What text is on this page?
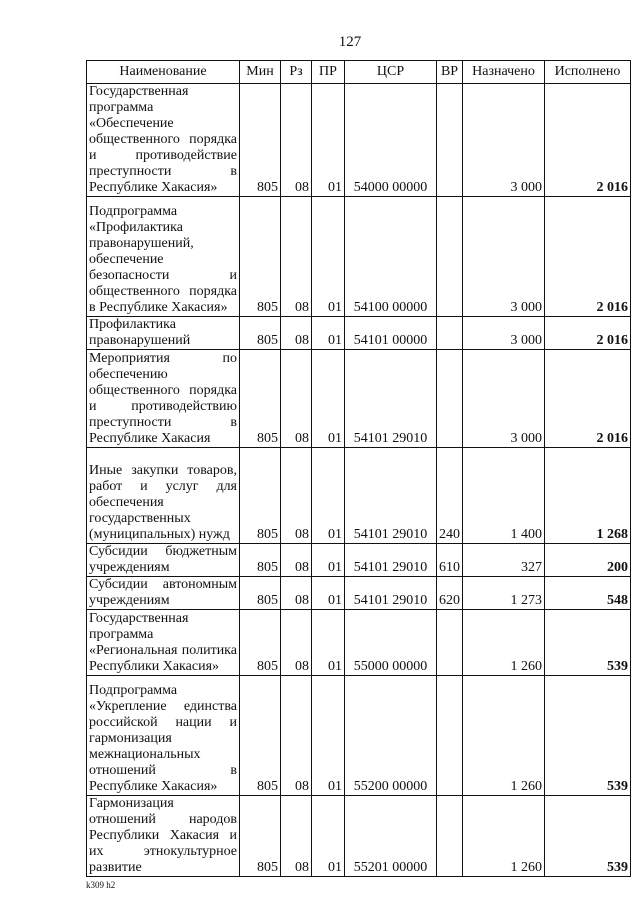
127
Наименование	Мин	Рз	ПР	ЦСР	ВР	Назначено	Исполнено
Государственная программа «Обеспечение общественного порядка и противодействие преступности в Республике Хакасия»	805	08	01	54000 00000		3 000	2 016
Подпрограмма «Профилактика правонарушений, обеспечение безопасности и общественного порядка в Республике Хакасия»	805	08	01	54100 00000		3 000	2 016
Профилактика правонарушений	805	08	01	54101 00000		3 000	2 016
Мероприятия по обеспечению общественного порядка и противодействию преступности в Республике Хакасия	805	08	01	54101 29010		3 000	2 016
Иные закупки товаров, работ и услуг для обеспечения государственных (муниципальных) нужд	805	08	01	54101 29010	240	1 400	1 268
Субсидии бюджетным учреждениям	805	08	01	54101 29010	610	327	200
Субсидии автономным учреждениям	805	08	01	54101 29010	620	1 273	548
Государственная программа «Региональная политика Республики Хакасия»	805	08	01	55000 00000		1 260	539
Подпрограмма «Укрепление единства российской нации и гармонизация межнациональных отношений в Республике Хакасия»	805	08	01	55200 00000		1 260	539
Гармонизация отношений народов Республики Хакасия и их этнокультурное развитие	805	08	01	55201 00000		1 260	539
k309 h2
